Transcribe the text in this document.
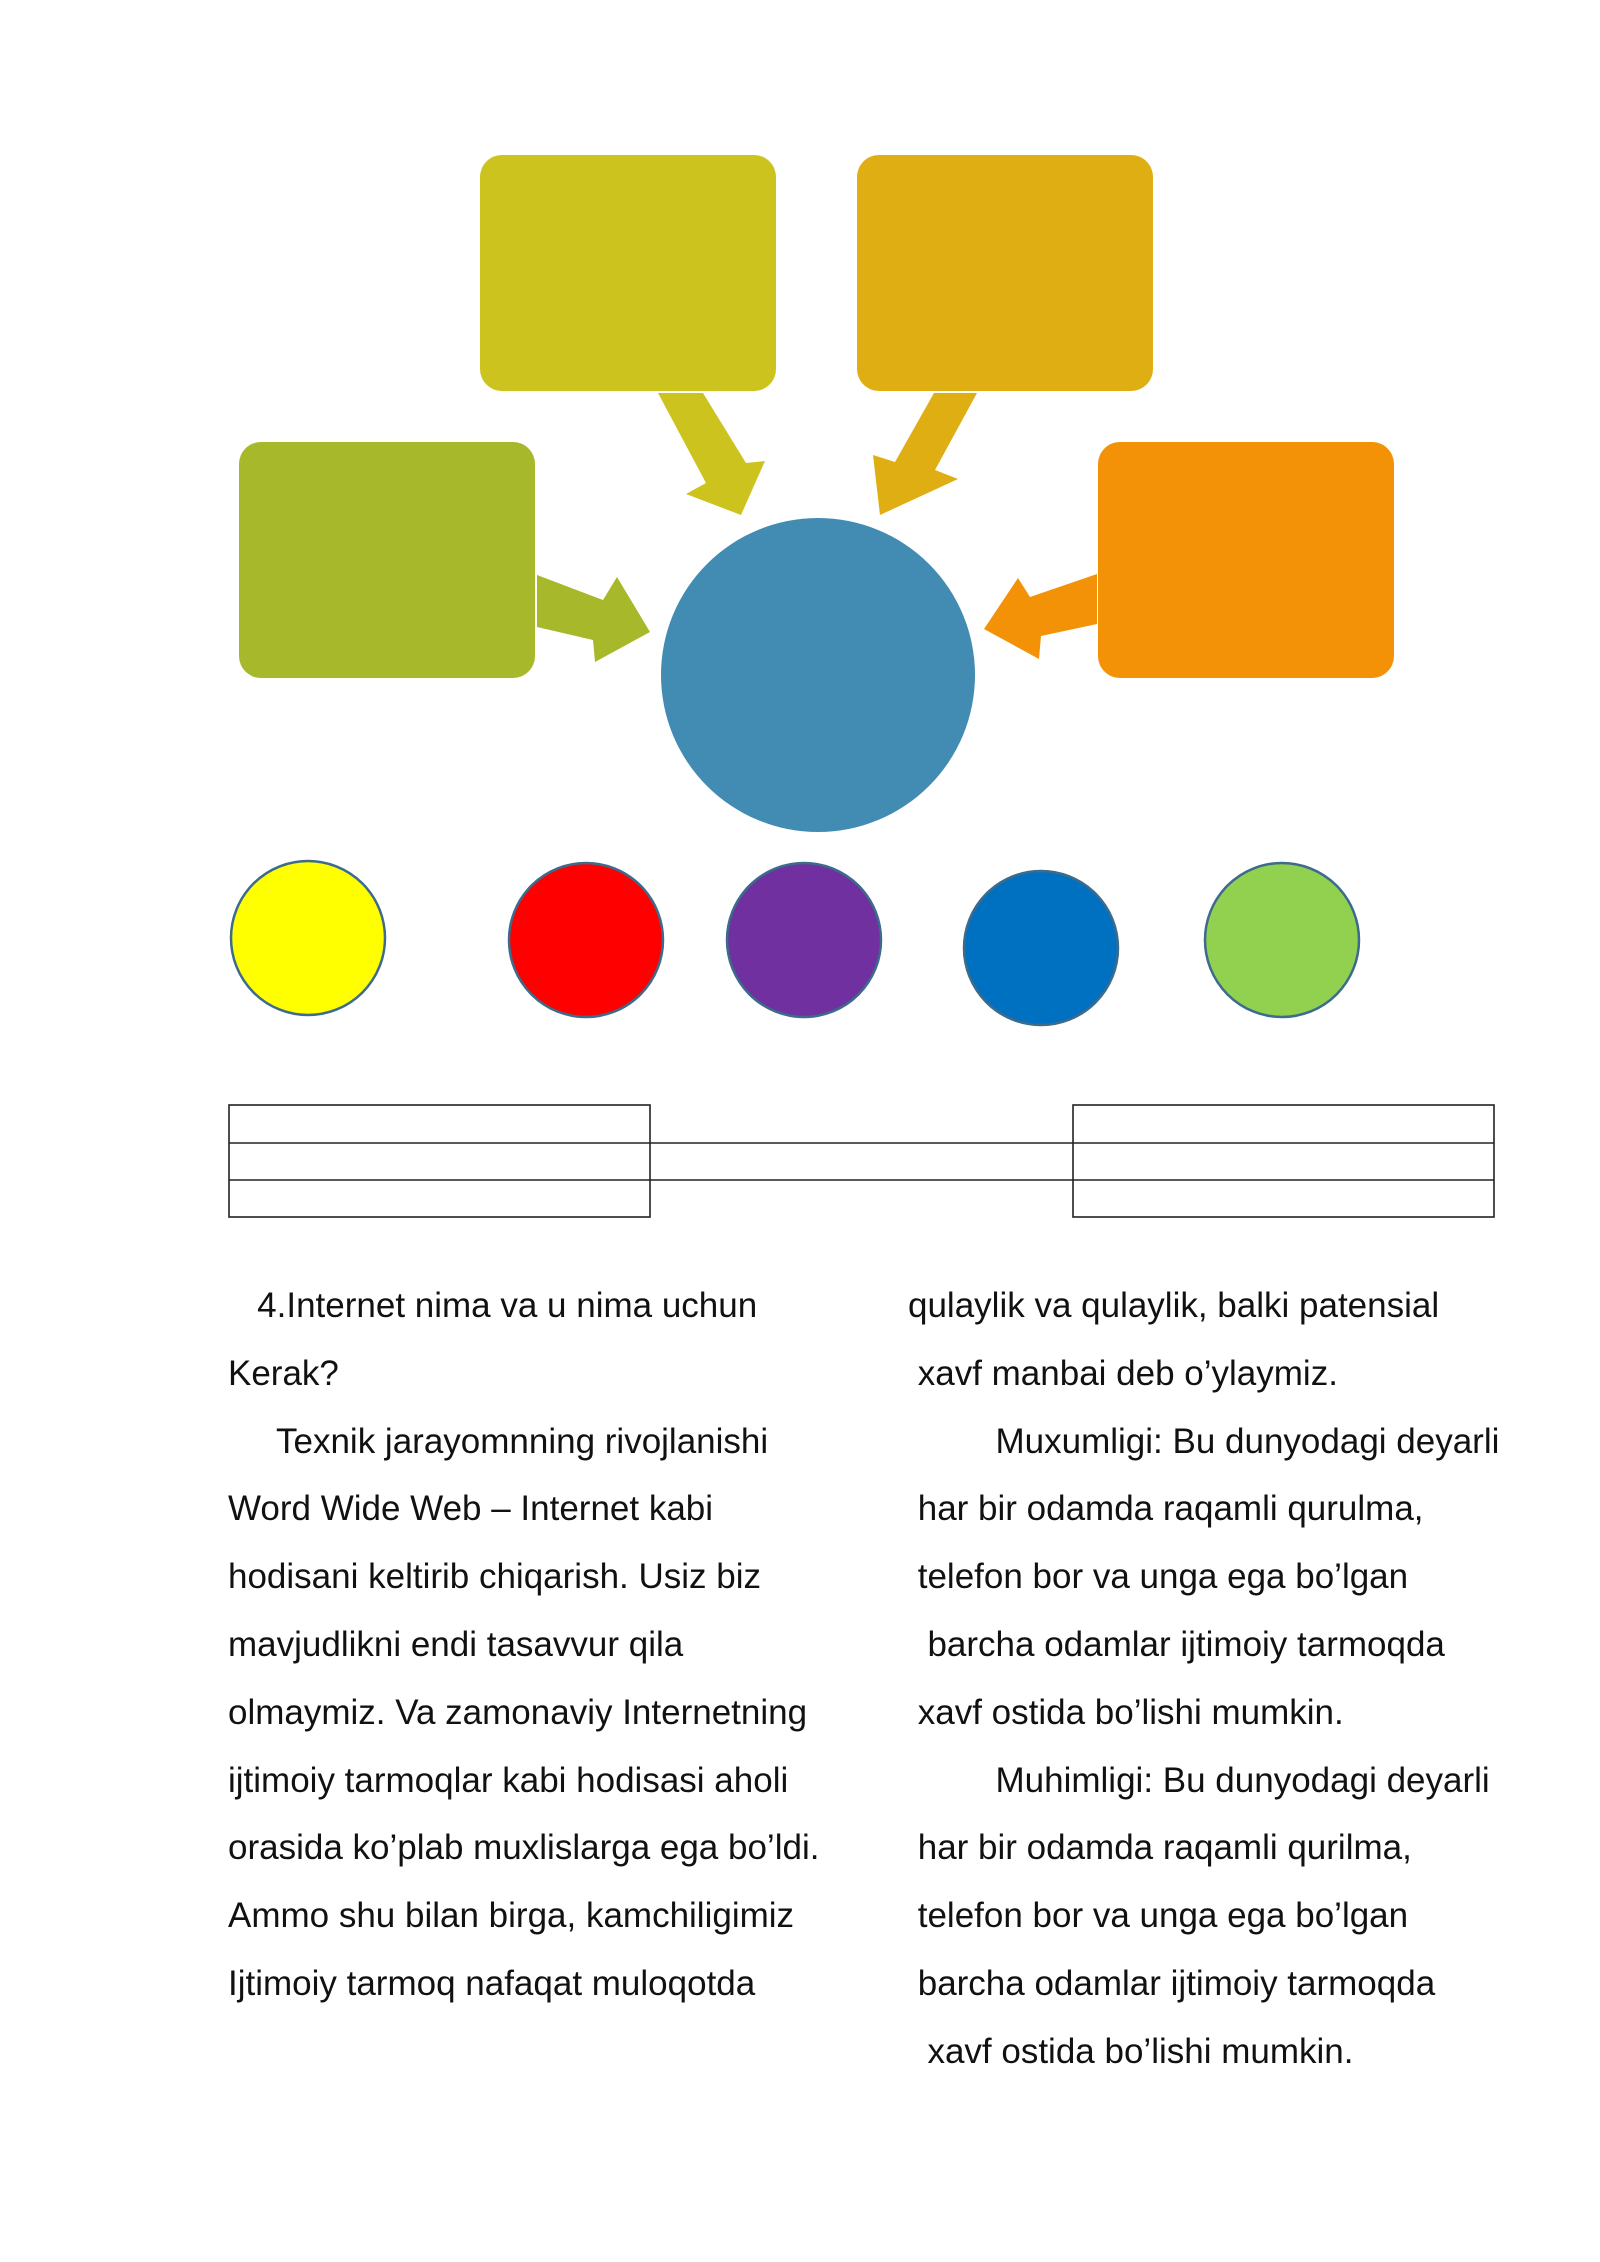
4.Internet nima va u nima uchun
Kerak?
Texnik jarayomnning rivojlanishi
Word Wide Web – Internet kabi
hodisani keltirib chiqarish. Usiz biz
mavjudlikni endi tasavvur qila
olmaymiz. Va zamonaviy Internetning
ijtimoiy tarmoqlar kabi hodisasi aholi
orasida ko’plab muxlislarga ega bo’ldi.
Ammo shu bilan birga, kamchiligimiz
Ijtimoiy tarmoq nafaqat muloqotda
qulaylik va qulaylik, balki patensial
xavf manbai deb o’ylaymiz.
Muxumligi: Bu dunyodagi deyarli
har bir odamda raqamli qurulma,
telefon bor va unga ega bo’lgan
barcha odamlar ijtimoiy tarmoqda
xavf ostida bo’lishi mumkin.
Muhimligi: Bu dunyodagi deyarli
har bir odamda raqamli qurilma,
telefon bor va unga ega bo’lgan
barcha odamlar ijtimoiy tarmoqda
xavf ostida bo’lishi mumkin.
